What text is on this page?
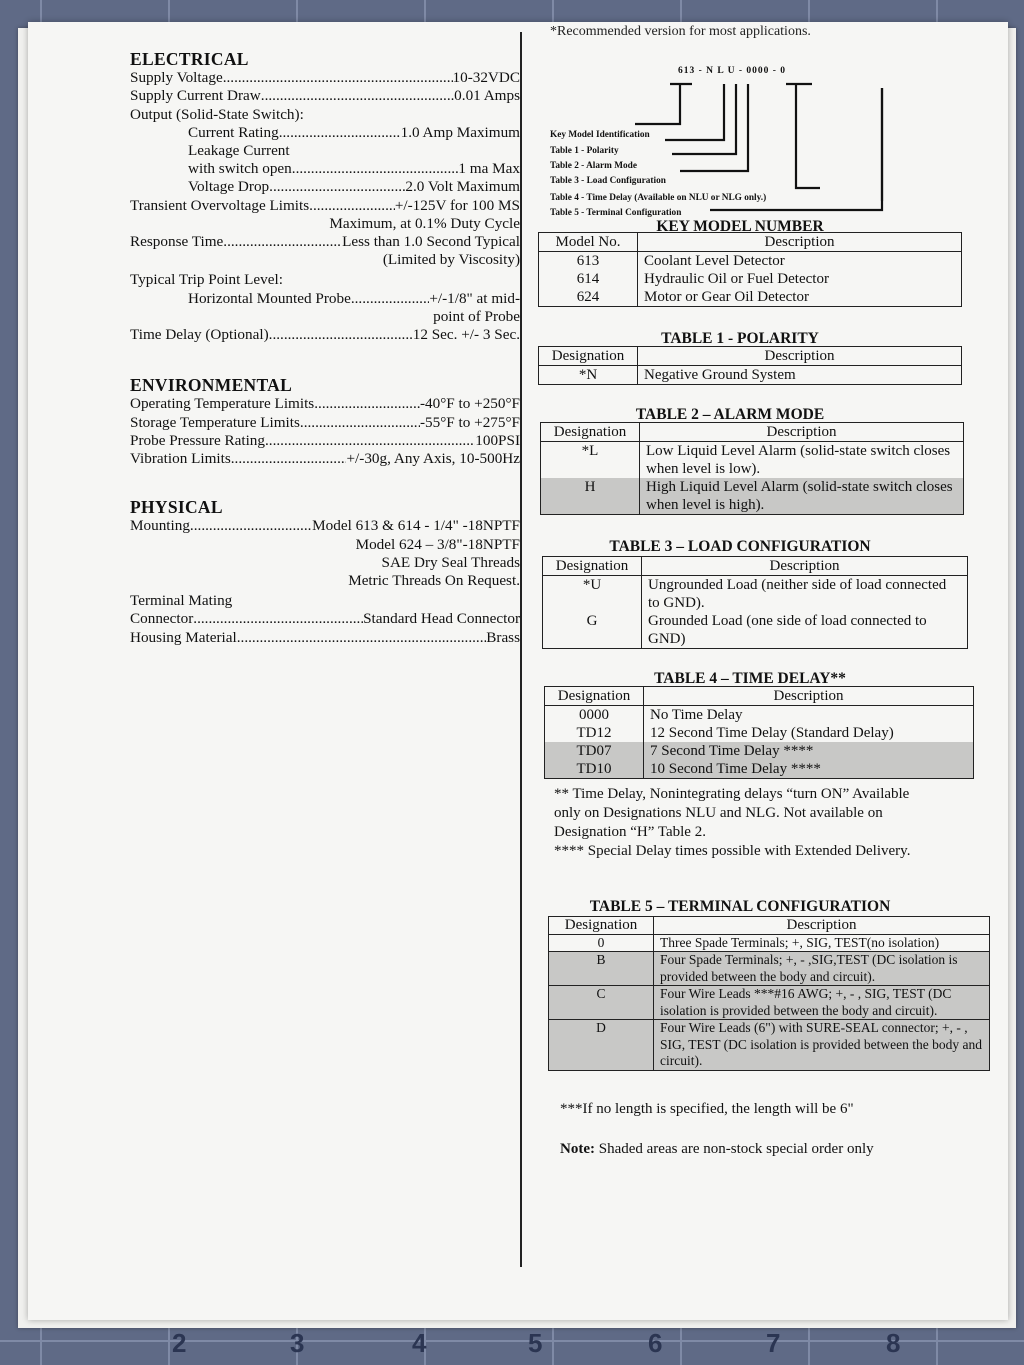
2	3	4	5	6	7	8
ELECTRICAL
Supply Voltage .....	10-32VDC
Supply Current Draw .....	0.01 Amps
Output (Solid-State Switch):
Current Rating .....	1.0 Amp Maximum
Leakage Current
with switch open .....	1 ma Max
Voltage Drop .....	2.0 Volt Maximum
Transient Overvoltage Limits .....	+/-125V for 100 MS
Maximum, at 0.1% Duty Cycle
Response Time .....	Less than 1.0 Second Typical
(Limited by Viscosity)
Typical Trip Point Level:
Horizontal Mounted Probe .....	+/-1/8" at mid-
point of Probe
Time Delay (Optional) .....	12 Sec. +/- 3 Sec.
ENVIRONMENTAL
Operating Temperature Limits .....	-40°F to +250°F
Storage Temperature Limits .....	-55°F to +275°F
Probe Pressure Rating .....	100PSI
Vibration Limits .....	+/-30g, Any Axis, 10-500Hz
PHYSICAL
Mounting .....	Model 613 & 614 - 1/4" -18NPTF
Model 624 – 3/8"-18NPTF
SAE Dry Seal Threads
Metric Threads On Request.
Terminal Mating
Connector .....	Standard Head Connector
Housing Material .....	Brass
*Recommended version for most applications.
613 - N L U - 0000 - 0
Key Model Identification
Table 1 - Polarity
Table 2 - Alarm Mode
Table 3 - Load Configuration
Table 4 - Time Delay (Available on NLU or NLG only.)
Table 5 - Terminal Configuration
KEY MODEL NUMBER
Model No.	Description
613	Coolant Level Detector
614	Hydraulic Oil or Fuel Detector
624	Motor or Gear Oil Detector
TABLE 1 - POLARITY
Designation	Description
*N	Negative Ground System
TABLE 2 – ALARM MODE
Designation	Description
*L	Low Liquid Level Alarm (solid-state switch closes when level is low).
H	High Liquid Level Alarm (solid-state switch closes when level is high).
TABLE 3 – LOAD CONFIGURATION
Designation	Description
*U	Ungrounded Load (neither side of load connected to GND).
G	Grounded Load (one side of load connected to GND)
TABLE 4 – TIME DELAY**
Designation	Description
0000	No Time Delay
TD12	12 Second Time Delay (Standard Delay)
TD07	7 Second Time Delay ****
TD10	10 Second Time Delay ****
** Time Delay, Nonintegrating delays “turn ON” Available only on Designations NLU and NLG. Not available on Designation “H” Table 2.
**** Special Delay times possible with Extended Delivery.
TABLE 5 – TERMINAL CONFIGURATION
Designation	Description
0	Three Spade Terminals; +, SIG, TEST(no isolation)
B	Four Spade Terminals; +, - ,SIG,TEST (DC isolation is provided between the body and circuit).
C	Four Wire Leads ***#16 AWG; +, - , SIG, TEST (DC isolation is provided between the body and circuit).
D	Four Wire Leads (6") with SURE-SEAL connector; +, - , SIG, TEST (DC isolation is provided between the body and circuit).
***If no length is specified, the length will be 6"
Note: Shaded areas are non-stock special order only
